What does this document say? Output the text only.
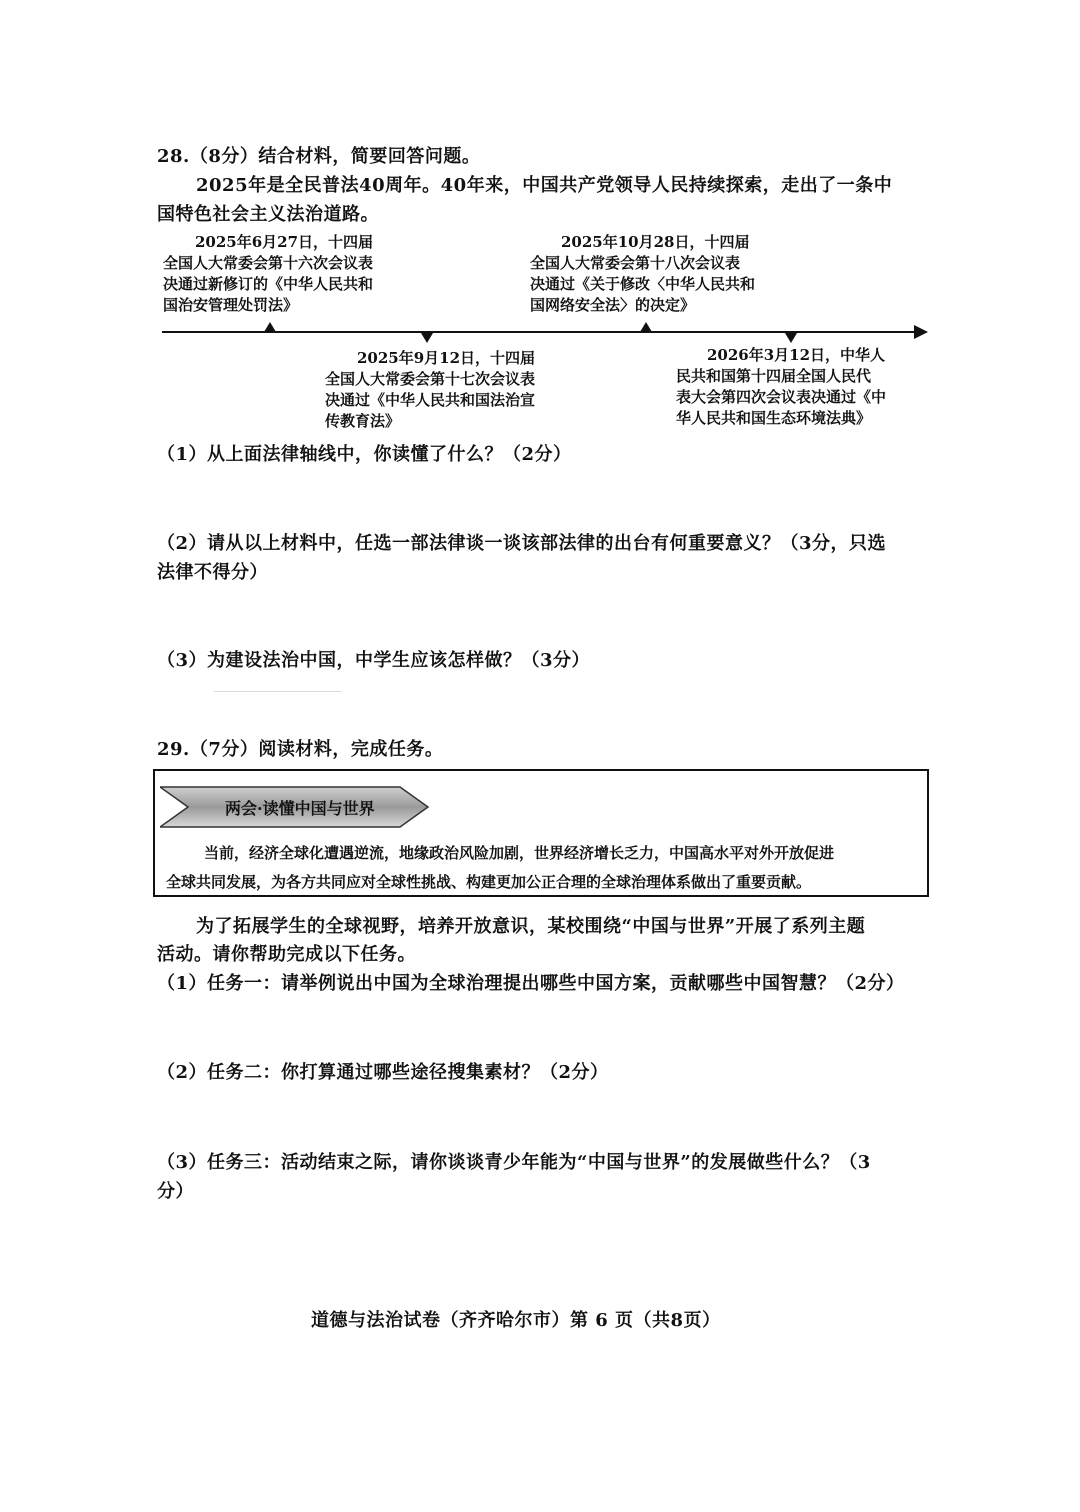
28.（8分）结合材料，简要回答问题。
2025年是全民普法40周年。40年来，中国共产党领导人民持续探索，走出了一条中
国特色社会主义法治道路。
2025年6月27日，十四届
全国人大常委会第十六次会议表
决通过新修订的《中华人民共和
国治安管理处罚法》
2025年9月12日，十四届
全国人大常委会第十七次会议表
决通过《中华人民共和国法治宣
传教育法》
2025年10月28日，十四届
全国人大常委会第十八次会议表
决通过《关于修改〈中华人民共和
国网络安全法〉的决定》
2026年3月12日，中华人
民共和国第十四届全国人民代
表大会第四次会议表决通过《中
华人民共和国生态环境法典》
（1）从上面法律轴线中，你读懂了什么？（2分）
（2）请从以上材料中，任选一部法律谈一谈该部法律的出台有何重要意义？（3分，只选
法律不得分）
（3）为建设法治中国，中学生应该怎样做？（3分）
29.（7分）阅读材料，完成任务。
两会·读懂中国与世界
当前，经济全球化遭遇逆流，地缘政治风险加剧，世界经济增长乏力，中国高水平对外开放促进
全球共同发展，为各方共同应对全球性挑战、构建更加公正合理的全球治理体系做出了重要贡献。
为了拓展学生的全球视野，培养开放意识，某校围绕“中国与世界”开展了系列主题
活动。请你帮助完成以下任务。
（1）任务一：请举例说出中国为全球治理提出哪些中国方案，贡献哪些中国智慧？（2分）
（2）任务二：你打算通过哪些途径搜集素材？（2分）
（3）任务三：活动结束之际，请你谈谈青少年能为“中国与世界”的发展做些什么？（3
分）
道德与法治试卷（齐齐哈尔市）第 6 页（共8页）
